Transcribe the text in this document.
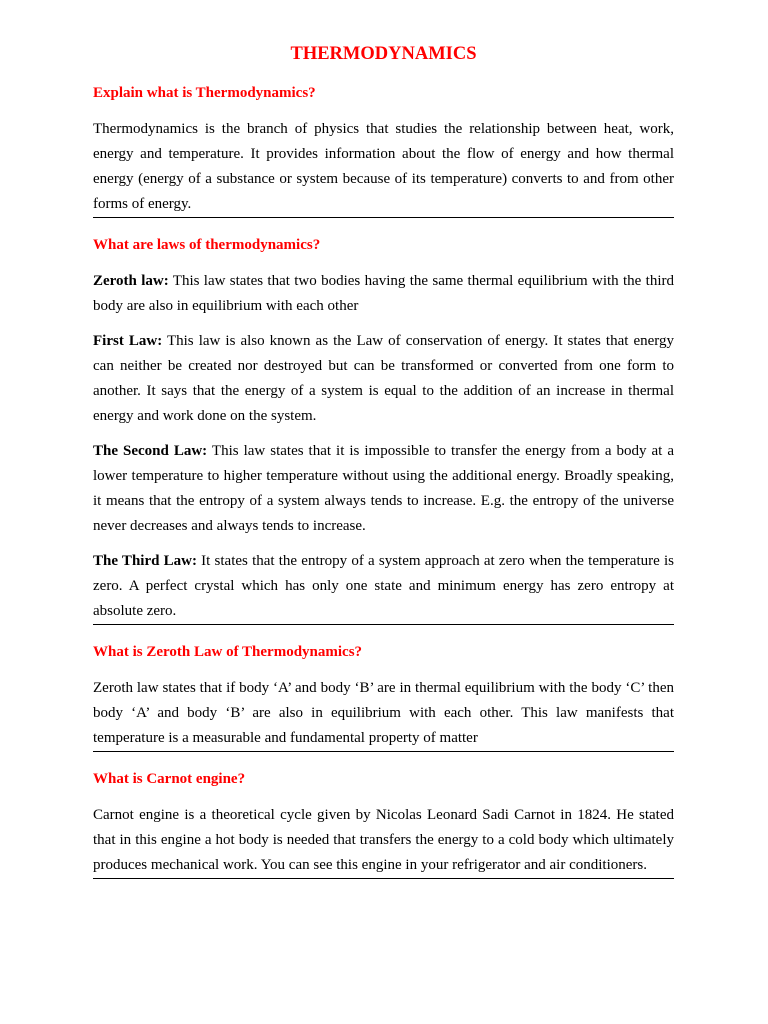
THERMODYNAMICS
Explain what is Thermodynamics?
Thermodynamics is the branch of physics that studies the relationship between heat, work, energy and temperature. It provides information about the flow of energy and how thermal energy (energy of a substance or system because of its temperature) converts to and from other forms of energy.
What are laws of thermodynamics?
Zeroth law: This law states that two bodies having the same thermal equilibrium with the third body are also in equilibrium with each other
First Law: This law is also known as the Law of conservation of energy. It states that energy can neither be created nor destroyed but can be transformed or converted from one form to another. It says that the energy of a system is equal to the addition of an increase in thermal energy and work done on the system.
The Second Law: This law states that it is impossible to transfer the energy from a body at a lower temperature to higher temperature without using the additional energy. Broadly speaking, it means that the entropy of a system always tends to increase. E.g. the entropy of the universe never decreases and always tends to increase.
The Third Law: It states that the entropy of a system approach at zero when the temperature is zero. A perfect crystal which has only one state and minimum energy has zero entropy at absolute zero.
What is Zeroth Law of Thermodynamics?
Zeroth law states that if body ‘A’ and body ‘B’ are in thermal equilibrium with the body ‘C’ then body ‘A’ and body ‘B’ are also in equilibrium with each other. This law manifests that temperature is a measurable and fundamental property of matter
What is Carnot engine?
Carnot engine is a theoretical cycle given by Nicolas Leonard Sadi Carnot in 1824. He stated that in this engine a hot body is needed that transfers the energy to a cold body which ultimately produces mechanical work. You can see this engine in your refrigerator and air conditioners.
